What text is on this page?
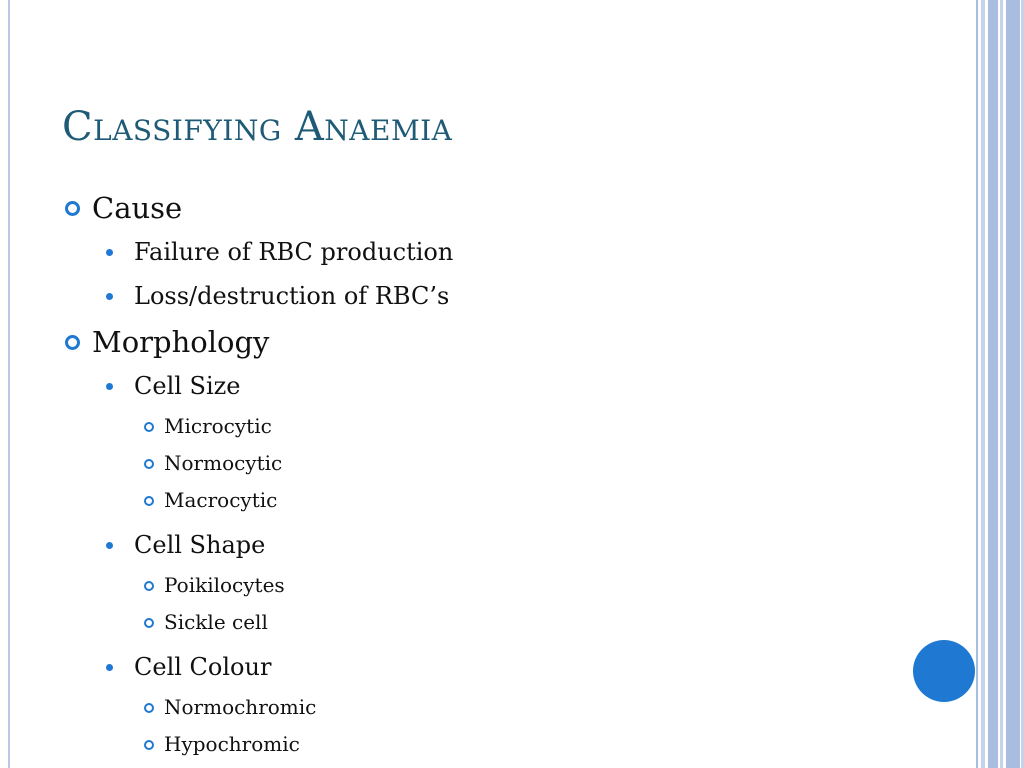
Classifying Anaemia
Cause
Failure of RBC production
Loss/destruction of RBC’s
Morphology
Cell Size
Microcytic
Normocytic
Macrocytic
Cell Shape
Poikilocytes
Sickle cell
Cell Colour
Normochromic
Hypochromic
